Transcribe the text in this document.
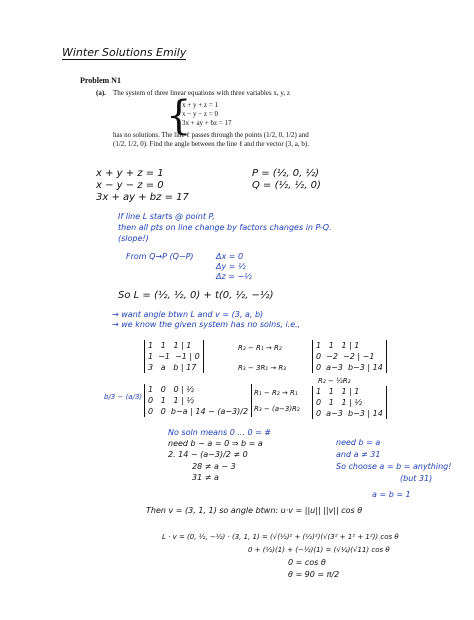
Winter Solutions Emily
Problem N1
(a). The system of three linear equations with three variables x, y, z
{
x + y + z = 1
x − y − z = 0
3x + ay + bz = 17
has no solutions. The line ℓ passes through the points (1/2, 0, 1/2) and
(1/2, 1/2, 0). Find the angle between the line ℓ and the vector (3, a, b).
x + y + z = 1
x − y − z = 0
3x + ay + bz = 17
P = (½, 0, ½)
Q = (½, ½, 0)
If line L starts @ point P,
then all pts on line change by factors changes in P-Q.
(slope!)
From Q→P (Q−P)	Δx = 0
Δy = ½
Δz = −½
So L = (½, ½, 0) + t(0, ½, −½)
→ want angle btwn L and v = (3, a, b)
→ we know the given system has no solns, i.e.,
1   1   1 | 1
1  −1  −1 | 0
3   a   b | 17
R₂ − R₁ → R₂
R₃ − 3R₁ → R₃
1   1   1 | 1
0  −2  −2 | −1
0  a−3  b−3 | 14
R₂ − ½R₂
b/3 − (a/3)
1   0   0 | ½
0   1   1 | ½
0   0  b−a | 14 − (a−3)/2
R₁ − R₂ → R₁
R₃ − (a−3)R₂
1   1   1 | 1
0   1   1 | ½
0  a−3  b−3 | 14
No soln means 0 ... 0 = #
need b − a = 0 ⇒ b = a
2. 14 − (a−3)/2 ≠ 0
28 ≠ a − 3
31 ≠ a
need b = a
and a ≠ 31
So choose a = b = anything!
(but 31)
a = b = 1
Then v = (3, 1, 1) so angle btwn: u·v = ||u|| ||v|| cos θ
L · v = (0, ½, −½) · (3, 1, 1) = (√(½)² + (½)²)(√(3² + 1² + 1²)) cos θ
0 + (½)(1) + (−½)(1) = (√¼)(√11) cos θ
0 = cos θ
θ = 90 = π/2
